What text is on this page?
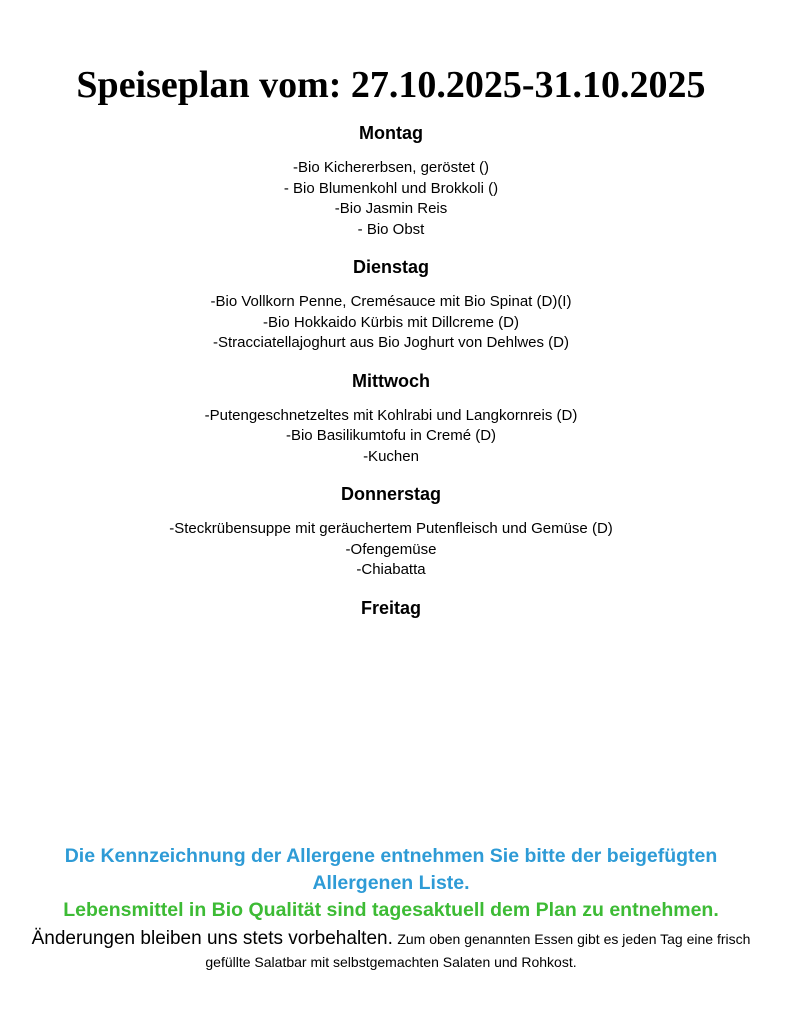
Speiseplan vom: 27.10.2025-31.10.2025
Montag
-Bio Kichererbsen, geröstet ()
- Bio Blumenkohl und Brokkoli ()
-Bio Jasmin Reis
- Bio Obst
Dienstag
-Bio Vollkorn Penne, Cremésauce mit Bio Spinat (D)(I)
-Bio Hokkaido Kürbis mit Dillcreme (D)
-Stracciatellajoghurt aus Bio Joghurt von Dehlwes (D)
Mittwoch
-Putengeschnetzeltes mit Kohlrabi und Langkornreis (D)
-Bio Basilikumtofu in Cremé (D)
-Kuchen
Donnerstag
-Steckrübensuppe mit geräuchertem Putenfleisch und Gemüse (D)
-Ofengemüse
-Chiabatta
Freitag
Die Kennzeichnung der Allergene entnehmen Sie bitte der beigefügten Allergenen Liste.
Lebensmittel in Bio Qualität sind tagesaktuell dem Plan zu entnehmen.
Änderungen bleiben uns stets vorbehalten. Zum oben genannten Essen gibt es jeden Tag eine frisch gefüllte Salatbar mit selbstgemachten Salaten und Rohkost.
